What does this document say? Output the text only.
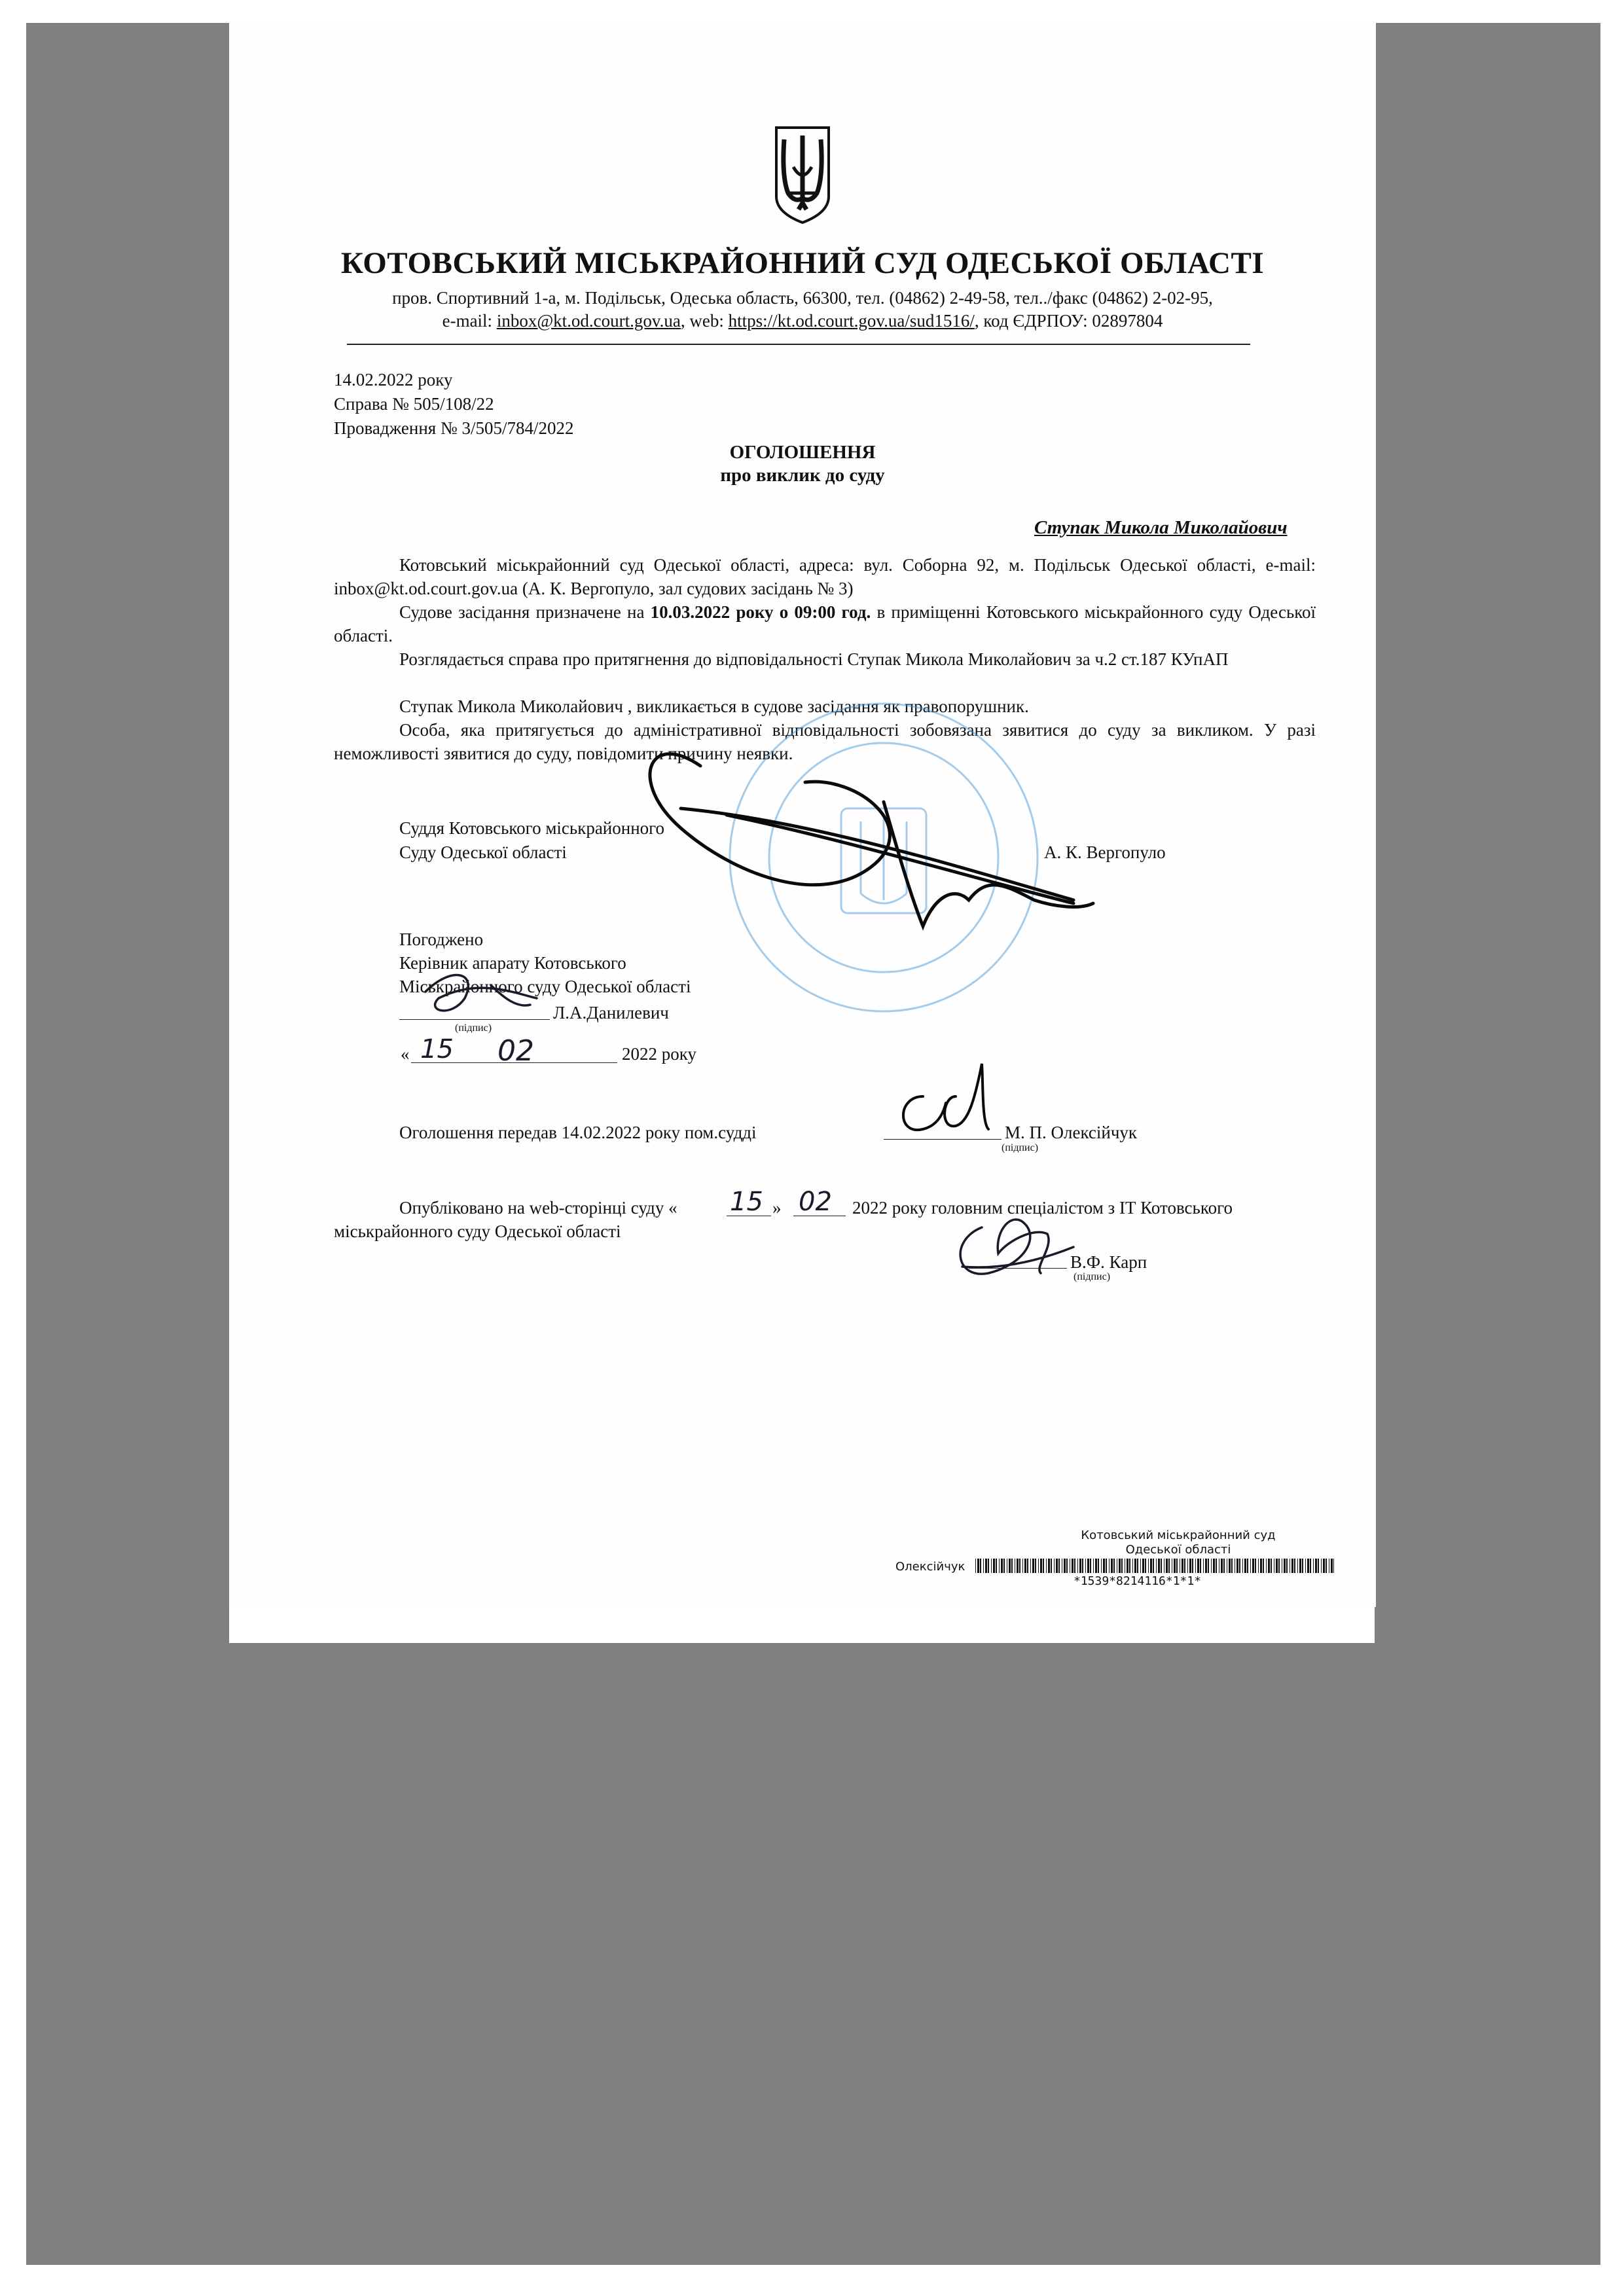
КОТОВСЬКИЙ МІСЬКРАЙОННИЙ СУД ОДЕСЬКОЇ ОБЛАСТІ
пров. Спортивний 1-а, м. Подільськ, Одеська область, 66300, тел. (04862) 2-49-58, тел../факс (04862) 2-02-95,
e-mail: inbox@kt.od.court.gov.ua, web: https://kt.od.court.gov.ua/sud1516/, код ЄДРПОУ: 02897804
14.02.2022 року
Справа № 505/108/22
Провадження № 3/505/784/2022
ОГОЛОШЕННЯ
про виклик до суду
Ступак Микола Миколайович
Котовський міськрайонний суд Одеської області, адреса: вул. Соборна 92, м. Подільськ Одеської області, e-mail: inbox@kt.od.court.gov.ua (А. К. Вергопуло, зал судових засідань № 3)
Судове засідання призначене на 10.03.2022 року о 09:00 год. в приміщенні Котовського міськрайонного суду Одеської області.
Розглядається справа про притягнення до відповідальності Ступак Микола Миколайович за ч.2 ст.187 КУпАП
Ступак Микола Миколайович , викликається в судове засідання як правопорушник.
Особа, яка притягується до адміністративної відповідальності зобовязана зявитися до суду за викликом. У разі неможливості зявитися до суду, повідомити причину неявки.
Суддя Котовського міськрайонного
Суду Одеської області	А. К. Вергопуло
Погоджено
Керівник апарату Котовського
Міськрайонного суду Одеської області
Л.А.Данилевич
(підпис)
«	2022 року
15 02
Оголошення передав 14.02.2022 року пом.судді	М. П. Олексійчук
(підпис)
Опубліковано на web-сторінці суду «	»	2022 року головним спеціалістом з ІТ Котовського
міськрайонного суду Одеської області
15 02
В.Ф. Карп
(підпис)
Котовський міськрайонний суд
Одеської області
Олексійчук
*1539*8214116*1*1*
